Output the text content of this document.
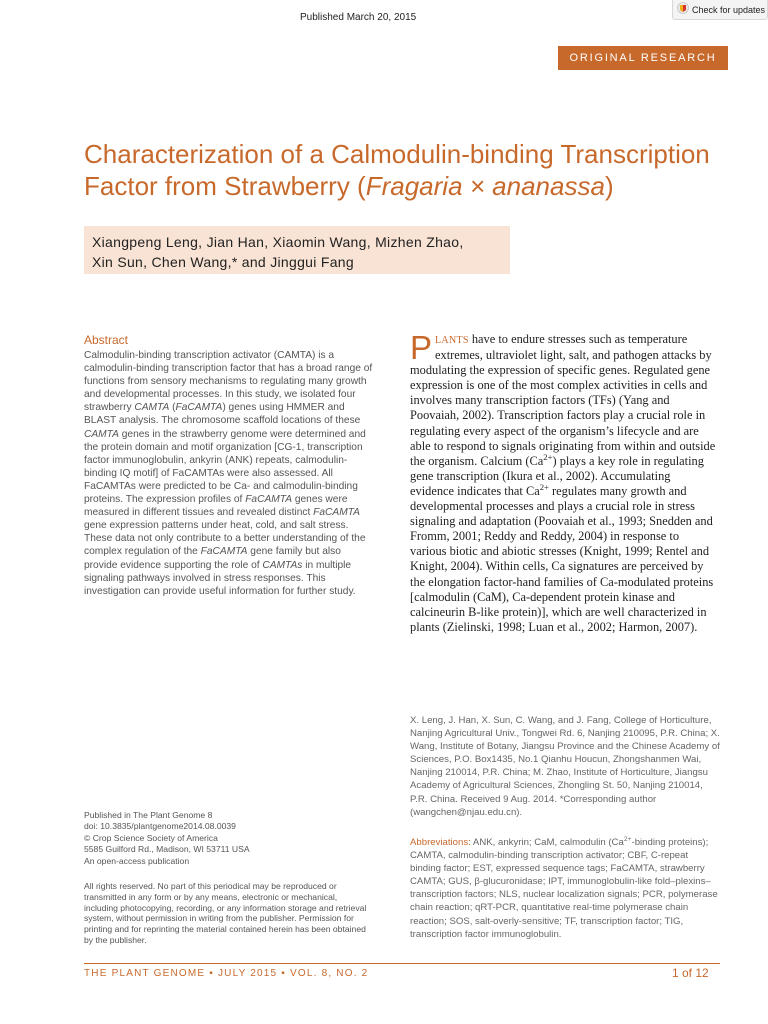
Published March 20, 2015
Check for updates
ORIGINAL RESEARCH
Characterization of a Calmodulin-binding Transcription Factor from Strawberry (Fragaria × ananassa)
Xiangpeng Leng, Jian Han, Xiaomin Wang, Mizhen Zhao,
Xin Sun, Chen Wang,* and Jinggui Fang
Abstract
Calmodulin-binding transcription activator (CAMTA) is a calmodulin-binding transcription factor that has a broad range of functions from sensory mechanisms to regulating many growth and developmental processes. In this study, we isolated four strawberry CAMTA (FaCAMTA) genes using HMMER and BLAST analysis. The chromosome scaffold locations of these CAMTA genes in the strawberry genome were determined and the protein domain and motif organization [CG-1, transcription factor immunoglobulin, ankyrin (ANK) repeats, calmodulin-binding IQ motif] of FaCAMTAs were also assessed. All FaCAMTAs were predicted to be Ca- and calmodulin-binding proteins. The expression profiles of FaCAMTA genes were measured in different tissues and revealed distinct FaCAMTA gene expression patterns under heat, cold, and salt stress. These data not only contribute to a better understanding of the complex regulation of the FaCAMTA gene family but also provide evidence supporting the role of CAMTAs in multiple signaling pathways involved in stress responses. This investigation can provide useful information for further study.
PLANTS have to endure stresses such as temperature extremes, ultraviolet light, salt, and pathogen attacks by modulating the expression of specific genes. Regulated gene expression is one of the most complex activities in cells and involves many transcription factors (TFs) (Yang and Poovaiah, 2002). Transcription factors play a crucial role in regulating every aspect of the organism’s lifecycle and are able to respond to signals originating from within and outside the organism. Calcium $(Ca^{2+})$ plays a key role in regulating gene transcription (Ikura et al., 2002). Accumulating evidence indicates that $Ca^{2+}$ regulates many growth and developmental processes and plays a crucial role in stress signaling and adaptation (Poovaiah et al., 1993; Snedden and Fromm, 2001; Reddy and Reddy, 2004) in response to various biotic and abiotic stresses (Knight, 1999; Rentel and Knight, 2004). Within cells, Ca signatures are perceived by the elongation factor-hand families of Ca-modulated proteins [calmodulin (CaM), Ca-dependent protein kinase and calcineurin B-like protein)], which are well characterized in plants (Zielinski, 1998; Luan et al., 2002; Harmon, 2007).
X. Leng, J. Han, X. Sun, C. Wang, and J. Fang, College of Horticulture, Nanjing Agricultural Univ., Tongwei Rd. 6, Nanjing 210095, P.R. China; X. Wang, Institute of Botany, Jiangsu Province and the Chinese Academy of Sciences, P.O. Box1435, No.1 Qianhu Houcun, Zhongshanmen Wai, Nanjing 210014, P.R. China; M. Zhao, Institute of Horticulture, Jiangsu Academy of Agricultural Sciences, Zhongling St. 50, Nanjing 210014, P.R. China. Received 9 Aug. 2014. *Corresponding author (wangchen@njau.edu.cn).
Abbreviations: ANK, ankyrin; CaM, calmodulin ($Ca^{2+}$-binding proteins); CAMTA, calmodulin-binding transcription activator; CBF, C-repeat binding factor; EST, expressed sequence tags; FaCAMTA, strawberry CAMTA; GUS, β-glucuronidase; IPT, immunoglobulin-like fold–plexins–transcription factors; NLS, nuclear localization signals; PCR, polymerase chain reaction; qRT-PCR, quantitative real-time polymerase chain reaction; SOS, salt-overly-sensitive; TF, transcription factor; TIG, transcription factor immunoglobulin.
Published in The Plant Genome 8
doi: 10.3835/plantgenome2014.08.0039
© Crop Science Society of America
5585 Guilford Rd., Madison, WI 53711 USA
An open-access publication
All rights reserved. No part of this periodical may be reproduced or transmitted in any form or by any means, electronic or mechanical, including photocopying, recording, or any information storage and retrieval system, without permission in writing from the publisher. Permission for printing and for reprinting the material contained herein has been obtained by the publisher.
THE PLANT GENOME ▪ JULY 2015 ▪ VOL. 8, NO. 2	1 of 12
